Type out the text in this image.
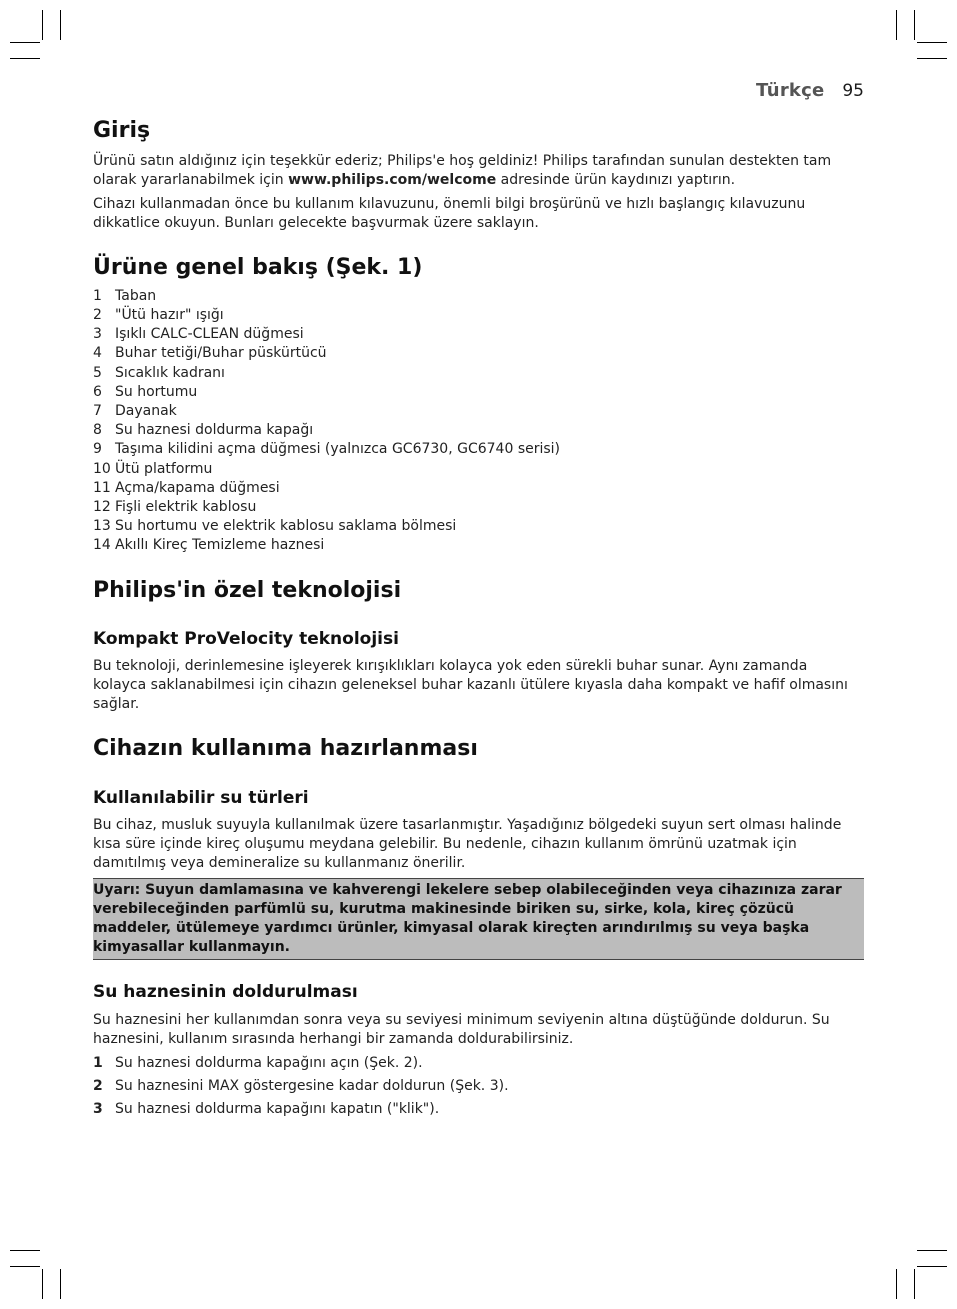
Türkçe 95
Giriş

Ürünü satın aldığınız için teşekkür ederiz; Philips'e hoş geldiniz! Philips tarafından sunulan destekten tam olarak yararlanabilmek için www.philips.com/welcome adresinde ürün kaydınızı yaptırın.

Cihazı kullanmadan önce bu kullanım kılavuzunu, önemli bilgi broşürünü ve hızlı başlangıç kılavuzunu dikkatlice okuyun. Bunları gelecekte başvurmak üzere saklayın.

Ürüne genel bakış (Şek. 1)
1 Taban
2 "Ütü hazır" ışığı
3 Işıklı CALC-CLEAN düğmesi
4 Buhar tetiği/Buhar püskürtücü
5 Sıcaklık kadranı
6 Su hortumu
7 Dayanak
8 Su haznesi doldurma kapağı
9 Taşıma kilidini açma düğmesi (yalnızca GC6730, GC6740 serisi)
10 Ütü platformu
11 Açma/kapama düğmesi
12 Fişli elektrik kablosu
13 Su hortumu ve elektrik kablosu saklama bölmesi
14 Akıllı Kireç Temizleme haznesi
Philips'in özel teknolojisi
Kompakt ProVelocity teknolojisi

Bu teknoloji, derinlemesine işleyerek kırışıklıkları kolayca yok eden sürekli buhar sunar. Aynı zamanda kolayca saklanabilmesi için cihazın geleneksel buhar kazanlı ütülere kıyasla daha kompakt ve hafif olmasını sağlar.

Cihazın kullanıma hazırlanması
Kullanılabilir su türleri

Bu cihaz, musluk suyuyla kullanılmak üzere tasarlanmıştır. Yaşadığınız bölgedeki suyun sert olması halinde kısa süre içinde kireç oluşumu meydana gelebilir. Bu nedenle, cihazın kullanım ömrünü uzatmak için damıtılmış veya demineralize su kullanmanız önerilir.

Uyarı: Suyun damlamasına ve kahverengi lekelere sebep olabileceğinden veya cihazınıza zarar verebileceğinden parfümlü su, kurutma makinesinde biriken su, sirke, kola, kireç çözücü maddeler, ütülemeye yardımcı ürünler, kimyasal olarak kireçten arındırılmış su veya başka kimyasallar kullanmayın.

Su haznesinin doldurulması

Su haznesini her kullanımdan sonra veya su seviyesi minimum seviyenin altına düştüğünde doldurun. Su haznesini, kullanım sırasında herhangi bir zamanda doldurabilirsiniz.

1 Su haznesi doldurma kapağını açın (Şek. 2).
2 Su haznesini MAX göstergesine kadar doldurun (Şek. 3).
3 Su haznesi doldurma kapağını kapatın ("klik").
